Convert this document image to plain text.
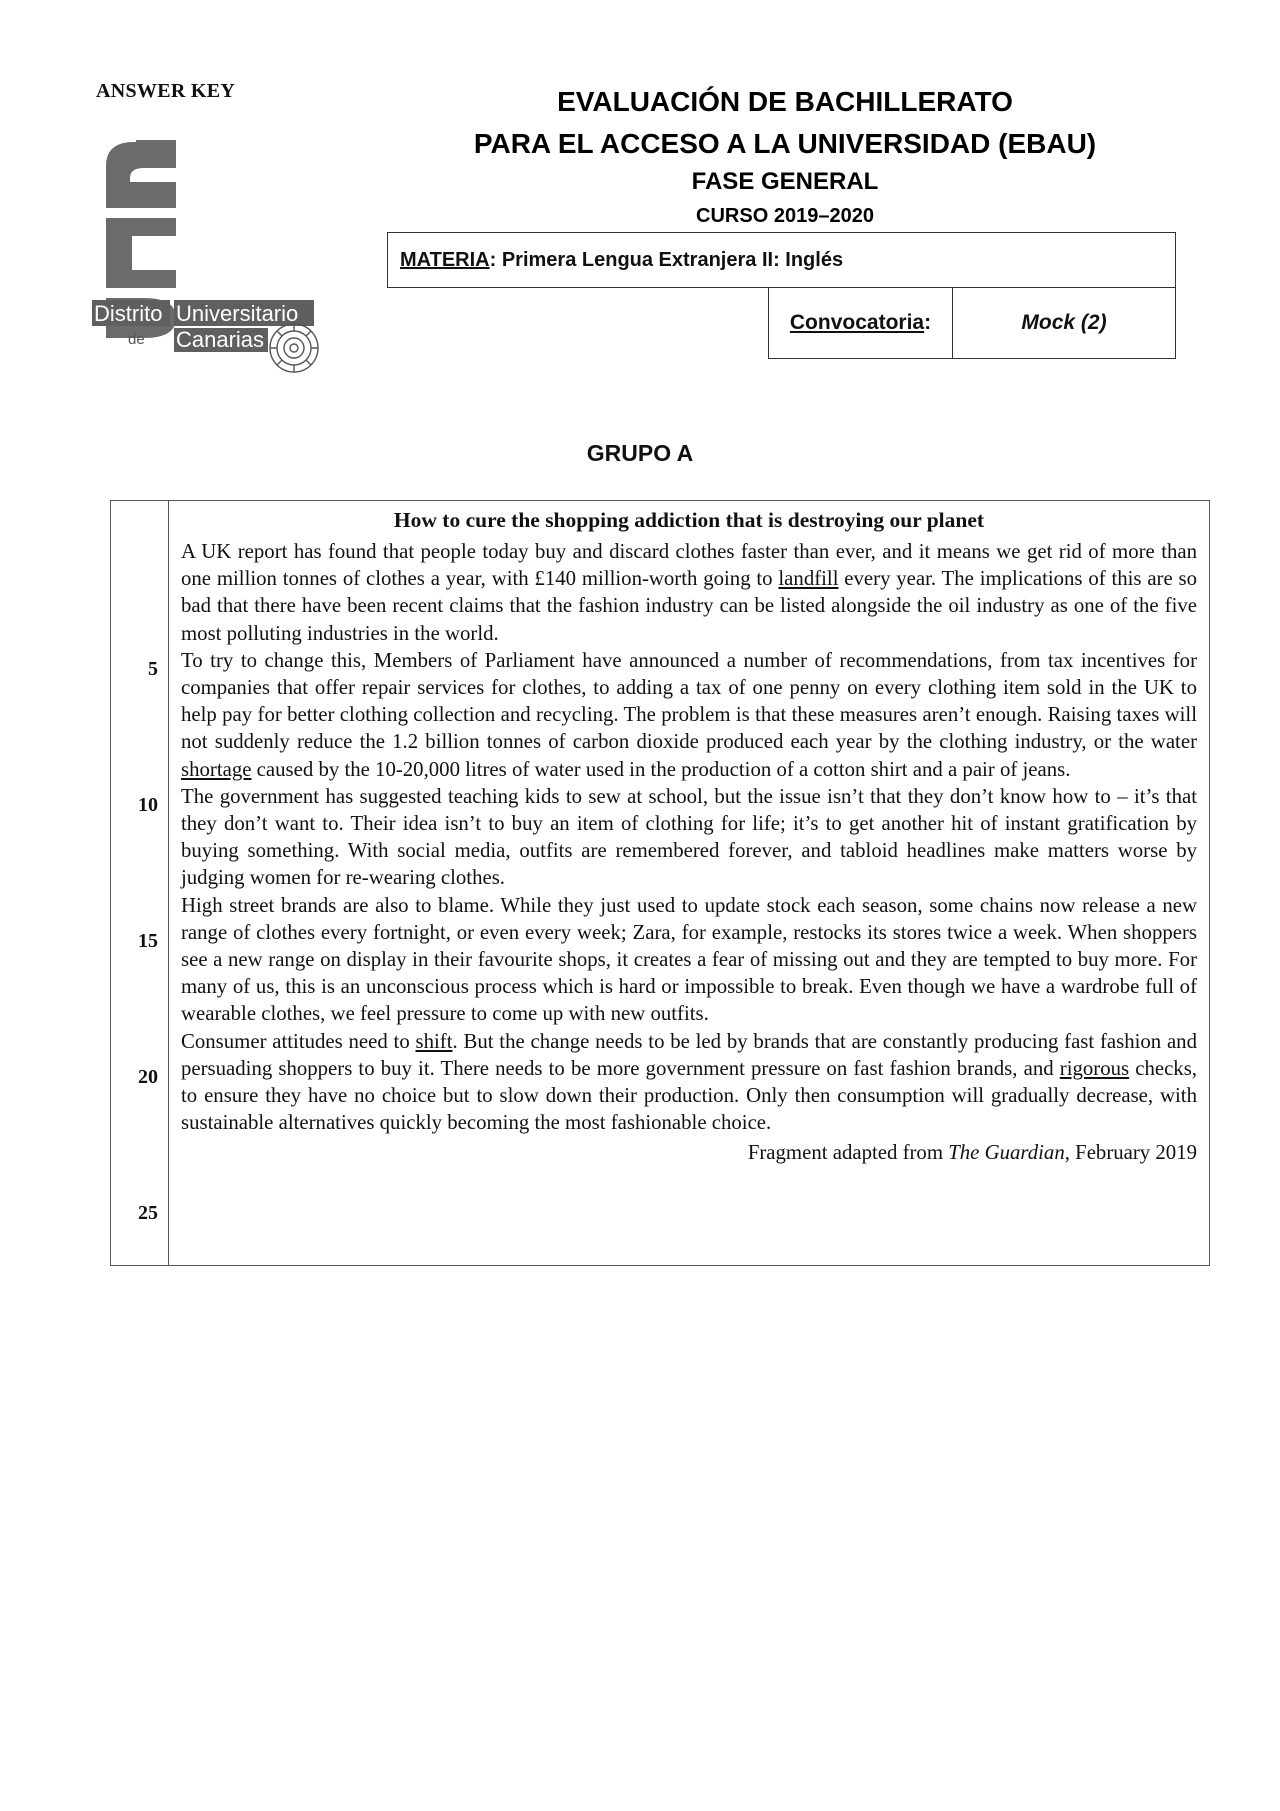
ANSWER KEY
Distrito Universitario
de Canarias
EVALUACIÓN DE BACHILLERATO
PARA EL ACCESO A LA UNIVERSIDAD (EBAU)
FASE GENERAL
CURSO 2019–2020
MATERIA : Primera Lengua Extranjera II: Inglés
Convocatoria :	Mock (2)
GRUPO A
5
10
15
20
25
How to cure the shopping addiction that is destroying our planet

A UK report has found that people today buy and discard clothes faster than ever, and it means we get rid of more than one million tonnes of clothes a year, with £140 million-worth going to landfill every year. The implications of this are so bad that there have been recent claims that the fashion industry can be listed alongside the oil industry as one of the five most polluting industries in the world.

To try to change this, Members of Parliament have announced a number of recommendations, from tax incentives for companies that offer repair services for clothes, to adding a tax of one penny on every clothing item sold in the UK to help pay for better clothing collection and recycling. The problem is that these measures aren’t enough. Raising taxes will not suddenly reduce the 1.2 billion tonnes of carbon dioxide produced each year by the clothing industry, or the water shortage caused by the 10-20,000 litres of water used in the production of a cotton shirt and a pair of jeans.

The government has suggested teaching kids to sew at school, but the issue isn’t that they don’t know how to – it’s that they don’t want to. Their idea isn’t to buy an item of clothing for life; it’s to get another hit of instant gratification by buying something. With social media, outfits are remembered forever, and tabloid headlines make matters worse by judging women for re-wearing clothes.

High street brands are also to blame. While they just used to update stock each season, some chains now release a new range of clothes every fortnight, or even every week; Zara, for example, restocks its stores twice a week. When shoppers see a new range on display in their favourite shops, it creates a fear of missing out and they are tempted to buy more. For many of us, this is an unconscious process which is hard or impossible to break. Even though we have a wardrobe full of wearable clothes, we feel pressure to come up with new outfits.

Consumer attitudes need to shift. But the change needs to be led by brands that are constantly producing fast fashion and persuading shoppers to buy it. There needs to be more government pressure on fast fashion brands, and rigorous checks, to ensure they have no choice but to slow down their production. Only then consumption will gradually decrease, with sustainable alternatives quickly becoming the most fashionable choice.

Fragment adapted from The Guardian, February 2019
